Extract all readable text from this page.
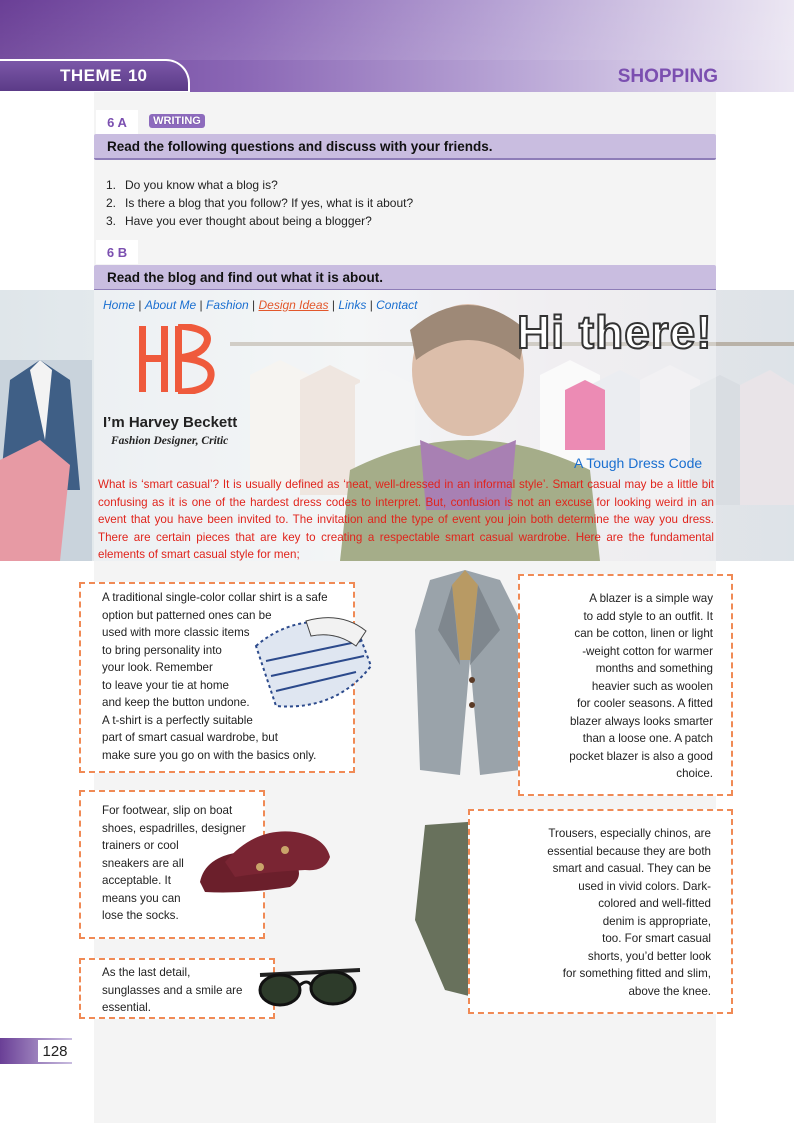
THEME 10	SHOPPING
6 A	WRITING
Read the following questions and discuss with your friends.
1. Do you know what a blog is?
2. Is there a blog that you follow? If yes, what is it about?
3. Have you ever thought about being a blogger?
6 B
Read the blog and find out what it is about.
Home | About Me | Fashion | Design Ideas | Links | Contact
I’m Harvey Beckett
Fashion Designer, Critic
Hi there!
A Tough Dress Code

What is ‘smart casual’? It is usually defined as ‘neat, well-dressed in an informal style’. Smart casual may be a little bit confusing as it is one of the hardest dress codes to interpret. But, confusion is not an excuse for looking weird in an event that you have been invited to. The invitation and the type of event you join both determine the way you dress. There are certain pieces that are key to creating a respectable smart casual wardrobe. Here are the fundamental elements of smart casual style for men;

A traditional single-color collar shirt is a safe
option but patterned ones can be
used with more classic items
to bring personality into
your look. Remember
to leave your tie at home
and keep the button undone.
A t-shirt is a perfectly suitable
part of smart casual wardrobe, but
make sure you go on with the basics only.

A blazer is a simple way
to add style to an outfit. It
can be cotton, linen or light
-weight cotton for warmer
months and something
heavier such as woolen
for cooler seasons. A fitted
blazer always looks smarter
than a loose one. A patch
pocket blazer is also a good
choice.

For footwear, slip on boat
shoes, espadrilles, designer
trainers or cool
sneakers are all
acceptable. It
means you can
lose the socks.

Trousers, especially chinos, are
essential because they are both
smart and casual. They can be
used in vivid colors. Dark-
colored and well-fitted
denim is appropriate,
too. For smart casual
shorts, you’d better look
for something fitted and slim,
above the knee.

As the last detail,
sunglasses and a smile are
essential.

128
